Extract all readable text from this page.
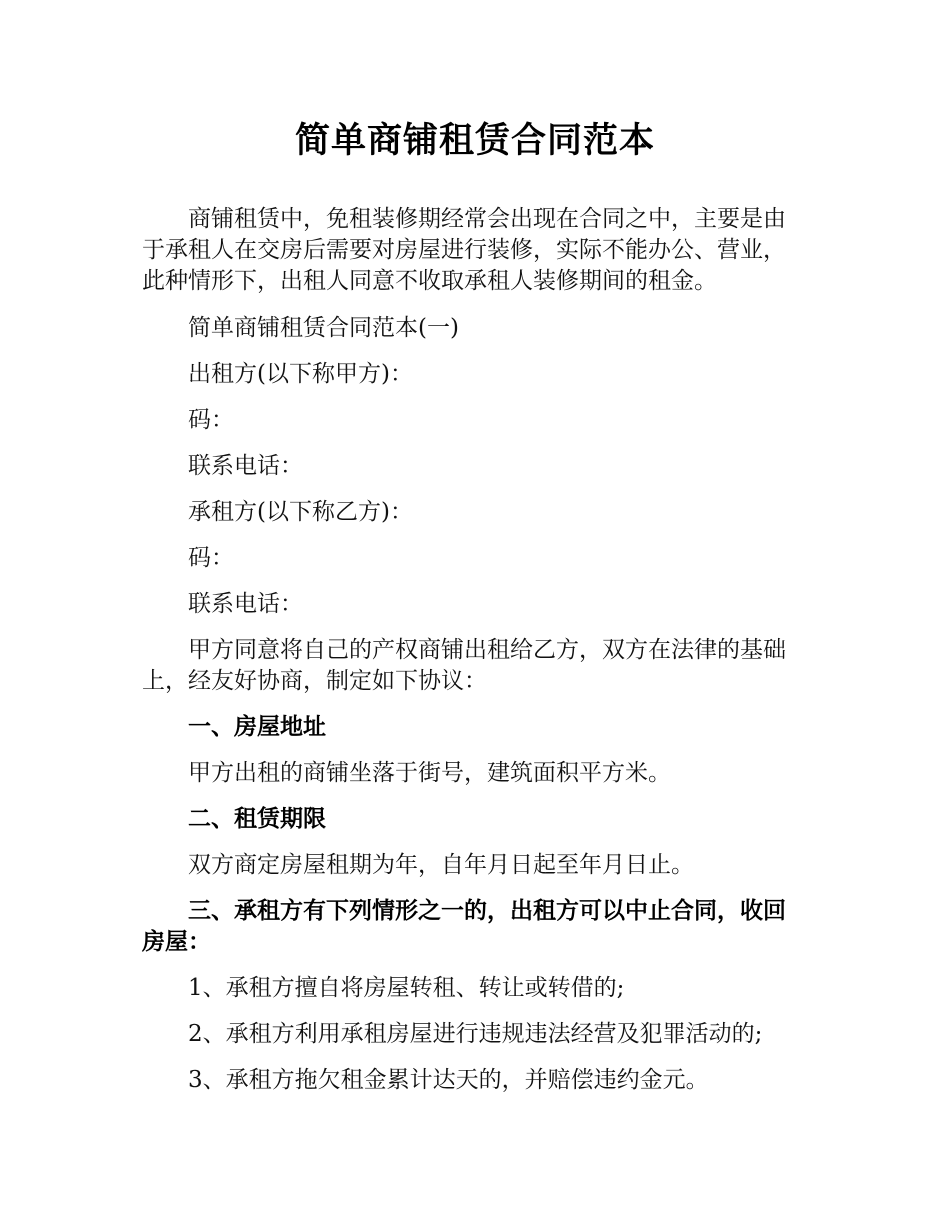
简单商铺租赁合同范本
商铺租赁中，免租装修期经常会出现在合同之中，主要是由于承租人在交房后需要对房屋进行装修，实际不能办公、营业，此种情形下，出租人同意不收取承租人装修期间的租金。
简单商铺租赁合同范本(一)
出租方(以下称甲方)：
码：
联系电话：
承租方(以下称乙方)：
码：
联系电话：
甲方同意将自己的产权商铺出租给乙方，双方在法律的基础上，经友好协商，制定如下协议：
一、房屋地址
甲方出租的商铺坐落于街号，建筑面积平方米。
二、租赁期限
双方商定房屋租期为年，自年月日起至年月日止。
三、承租方有下列情形之一的，出租方可以中止合同，收回房屋：
1、承租方擅自将房屋转租、转让或转借的;
2、承租方利用承租房屋进行违规违法经营及犯罪活动的;
3、承租方拖欠租金累计达天的，并赔偿违约金元。
